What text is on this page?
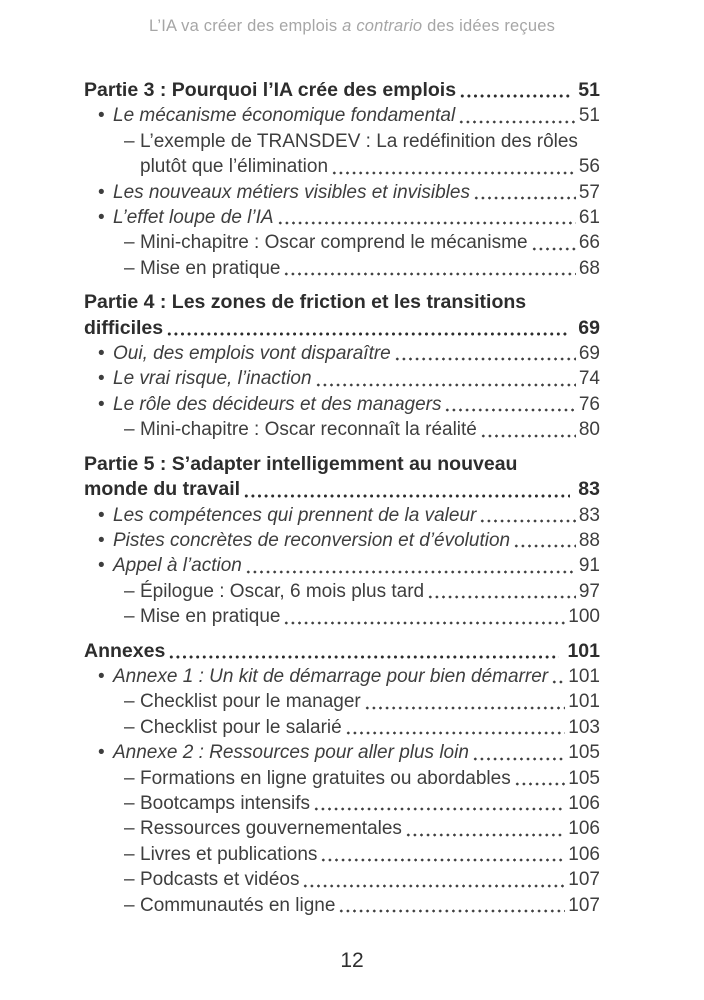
L’IA va créer des emplois a contrario des idées reçues
Partie 3 : Pourquoi l’IA crée des emplois	51
• Le mécanisme économique fondamental	51
– L’exemple de TRANSDEV : La redéfinition des rôles
plutôt que l’élimination	56
• Les nouveaux métiers visibles et invisibles	57
• L’effet loupe de l’IA	61
– Mini-chapitre : Oscar comprend le mécanisme	66
– Mise en pratique	68
Partie 4 : Les zones de friction et les transitions
difficiles	69
• Oui, des emplois vont disparaître	69
• Le vrai risque, l’inaction	74
• Le rôle des décideurs et des managers	76
– Mini-chapitre : Oscar reconnaît la réalité	80
Partie 5 : S’adapter intelligemment au nouveau
monde du travail	83
• Les compétences qui prennent de la valeur	83
• Pistes concrètes de reconversion et d’évolution	88
• Appel à l’action	91
– Épilogue : Oscar, 6 mois plus tard	97
– Mise en pratique	100
Annexes	101
• Annexe 1 : Un kit de démarrage pour bien démarrer 101
– Checklist pour le manager	101
– Checklist pour le salarié	103
• Annexe 2 : Ressources pour aller plus loin	105
– Formations en ligne gratuites ou abordables	105
– Bootcamps intensifs	106
– Ressources gouvernementales	106
– Livres et publications	106
– Podcasts et vidéos	107
– Communautés en ligne	107
12
